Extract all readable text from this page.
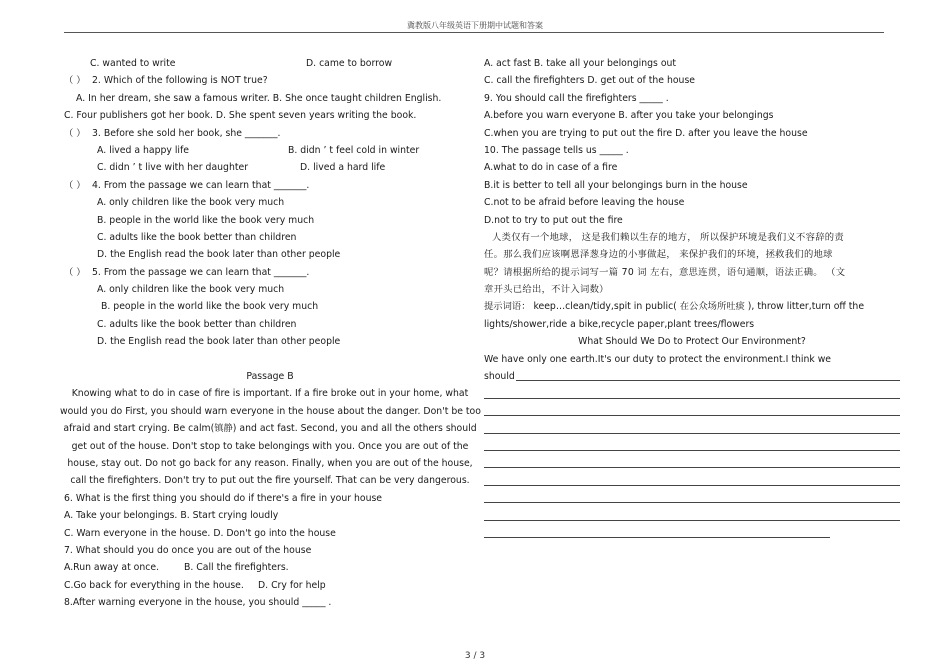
冀教版八年级英语下册期中试题和答案
C. wanted to write	D. came to borrow
（ ） 2. Which of the following is NOT true?
A. In her dream, she saw a famous writer. B. She once taught children English.
C. Four publishers got her book. D. She spent seven years writing the book.
（ ） 3. Before she sold her book, she _______.
A. lived a happy life	B. didn ’ t feel cold in winter
C. didn ’ t live with her daughter	D. lived a hard life
（ ） 4. From the passage we can learn that _______.
A. only children like the book very much
B. people in the world like the book very much
C. adults like the book better than children
D. the English read the book later than other people
（ ） 5. From the passage we can learn that _______.
A. only children like the book very much
B. people in the world like the book very much
C. adults like the book better than children
D. the English read the book later than other people
Passage B
Knowing what to do in case of fire is important. If a fire broke out in your home, what
would you do First, you should warn everyone in the house about the danger. Don't be too
afraid and start crying. Be calm(镇静) and act fast. Second, you and all the others should
get out of the house. Don't stop to take belongings with you. Once you are out of the
house, stay out. Do not go back for any reason. Finally, when you are out of the house,
call the firefighters. Don't try to put out the fire yourself. That can be very dangerous.
6. What is the first thing you should do if there's a fire in your house
A. Take your belongings. B. Start crying loudly
C. Warn everyone in the house. D. Don't go into the house
7. What should you do once you are out of the house
A.Run away at once.	B. Call the firefighters.
C.Go back for everything in the house. D. Cry for help
8.After warning everyone in the house, you should _____ .
A. act fast B. take all your belongings out
C. call the firefighters D. get out of the house
9. You should call the firefighters _____ .
A.before you warn everyone B. after you take your belongings
C.when you are trying to put out the fire D. after you leave the house
10. The passage tells us _____ .
A.what to do in case of a fire
B.it is better to tell all your belongings burn in the house
C.not to be afraid before leaving the house
D.not to try to put out the fire
人类仅有一个地球， 这是我们赖以生存的地方， 所以保护环境是我们义不容辞的责
任。那么我们应该啊恩泽葱身边的小事做起， 来保护我们的环境，拯救我们的地球
呢？请根据所给的提示词写一篇 70 词 左右，意思连贯，语句通顺，语法正确。 （文
章开头已给出，不计入词数）
提示词语： keep…clean/tidy,spit in public( 在公众场所吐痰 ), throw litter,turn off the
lights/shower,ride a bike,recycle paper,plant trees/flowers
What Should We Do to Protect Our Environment?
We have only one earth.It's our duty to protect the environment.I think we
should
3 / 3
